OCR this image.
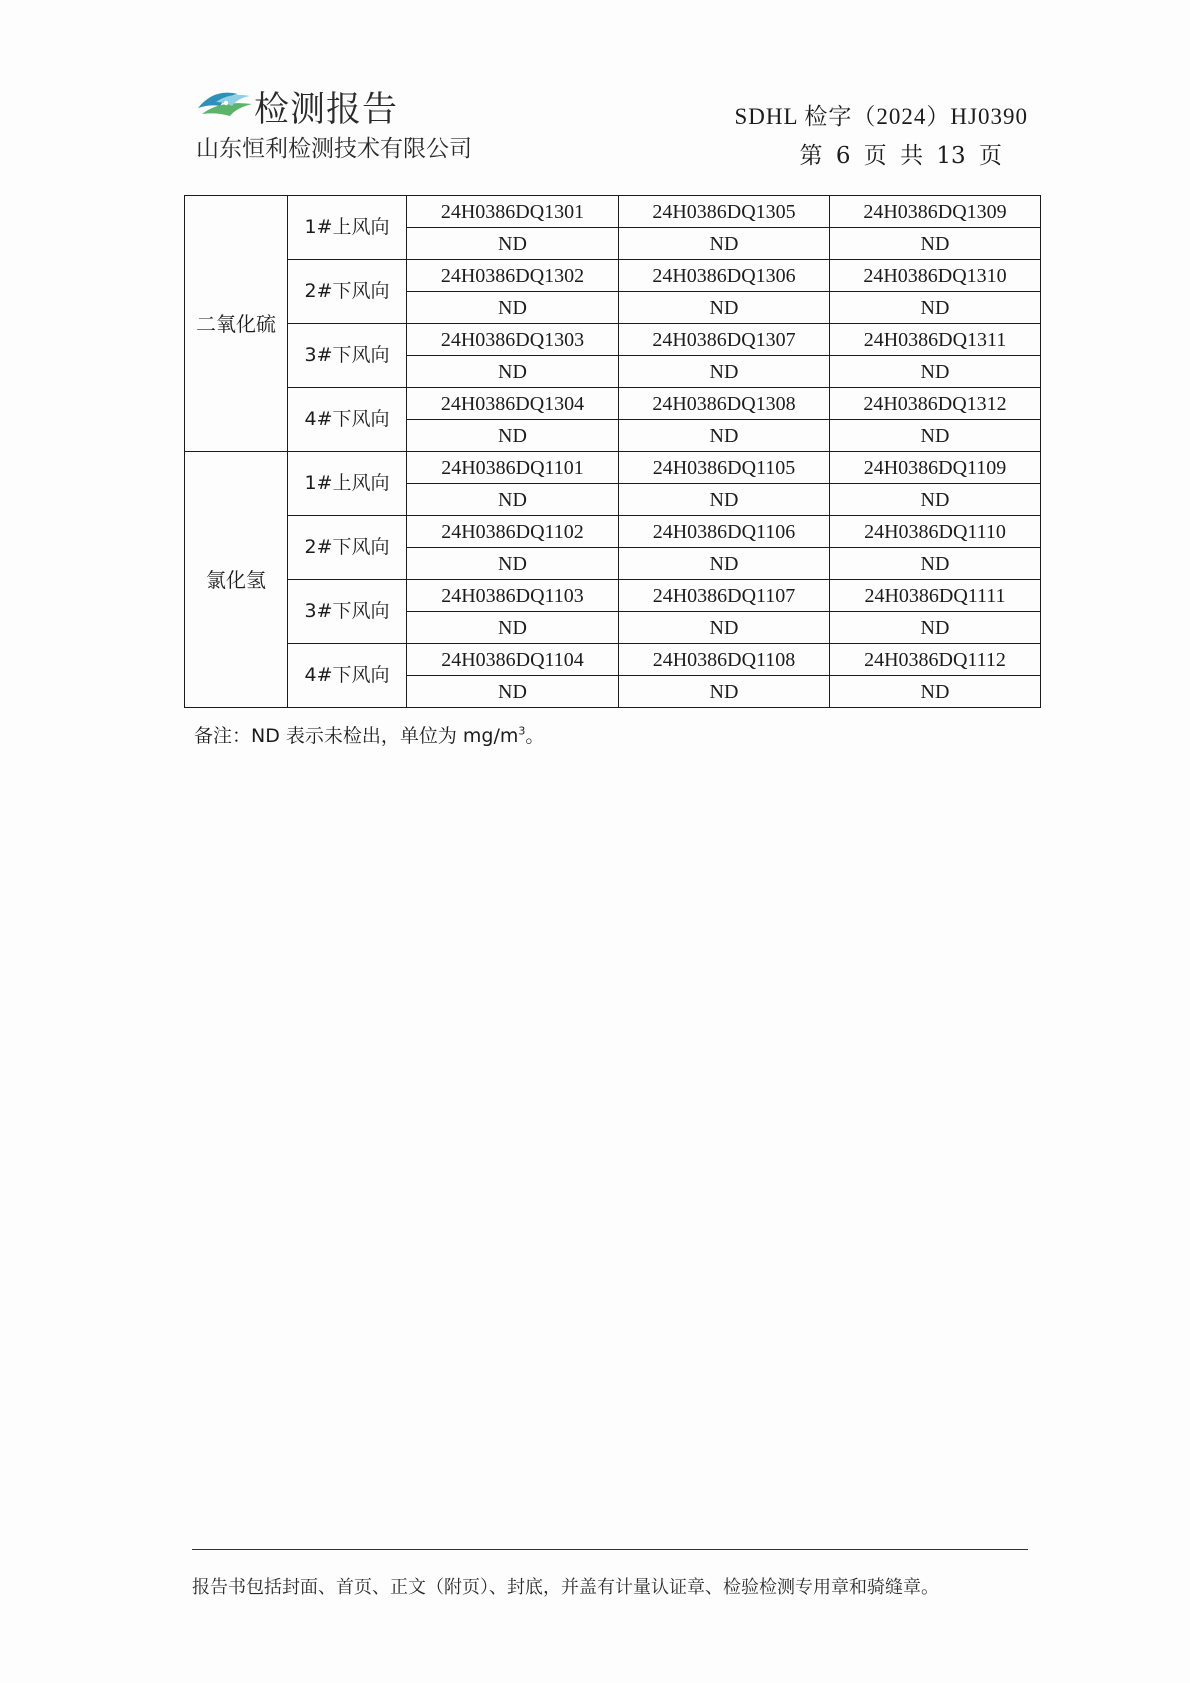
检测报告
山东恒利检测技术有限公司
SDHL 检字（2024）HJ0390
第 6 页 共 13 页
二氧化硫	1#上风向	24H0386DQ1301	24H0386DQ1305	24H0386DQ1309
		ND	ND	ND
	2#下风向	24H0386DQ1302	24H0386DQ1306	24H0386DQ1310
		ND	ND	ND
	3#下风向	24H0386DQ1303	24H0386DQ1307	24H0386DQ1311
		ND	ND	ND
	4#下风向	24H0386DQ1304	24H0386DQ1308	24H0386DQ1312
		ND	ND	ND
氯化氢	1#上风向	24H0386DQ1101	24H0386DQ1105	24H0386DQ1109
		ND	ND	ND
	2#下风向	24H0386DQ1102	24H0386DQ1106	24H0386DQ1110
		ND	ND	ND
	3#下风向	24H0386DQ1103	24H0386DQ1107	24H0386DQ1111
		ND	ND	ND
	4#下风向	24H0386DQ1104	24H0386DQ1108	24H0386DQ1112
		ND	ND	ND
备注：ND 表示未检出，单位为 $mg/m^3$。
报告书包括封面、首页、正文（附页）、封底，并盖有计量认证章、检验检测专用章和骑缝章。
